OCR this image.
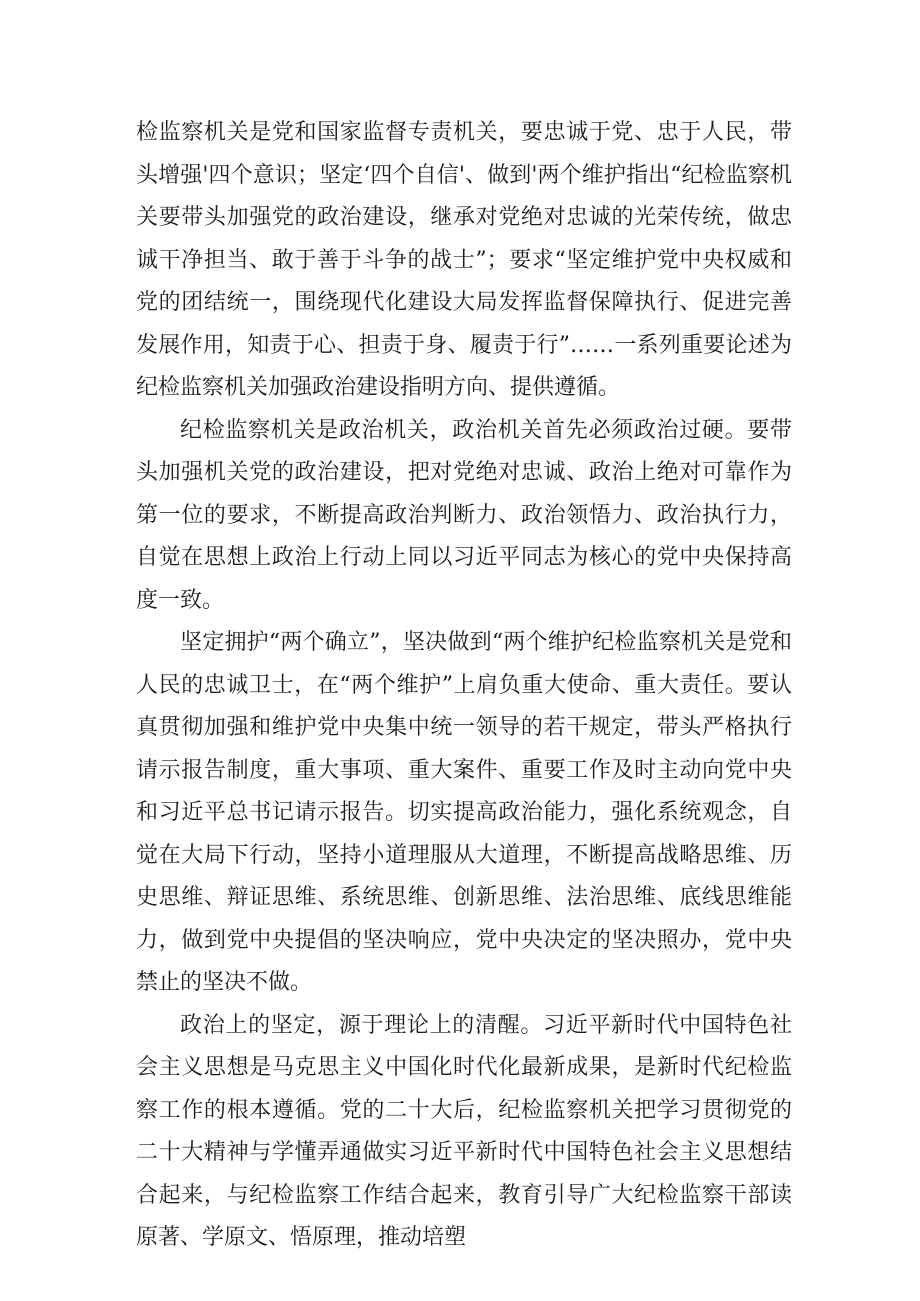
检监察机关是党和国家监督专责机关，要忠诚于党、忠于人民，带头增强'四个意识；坚定‘四个自信'、做到'两个维护指出“纪检监察机关要带头加强党的政治建设，继承对党绝对忠诚的光荣传统，做忠诚干净担当、敢于善于斗争的战士”；要求“坚定维护党中央权威和党的团结统一，围绕现代化建设大局发挥监督保障执行、促进完善发展作用，知责于心、担责于身、履责于行”……一系列重要论述为纪检监察机关加强政治建设指明方向、提供遵循。

纪检监察机关是政治机关，政治机关首先必须政治过硬。要带头加强机关党的政治建设，把对党绝对忠诚、政治上绝对可靠作为第一位的要求，不断提高政治判断力、政治领悟力、政治执行力，自觉在思想上政治上行动上同以习近平同志为核心的党中央保持高度一致。

坚定拥护“两个确立”，坚决做到“两个维护纪检监察机关是党和人民的忠诚卫士，在“两个维护”上肩负重大使命、重大责任。要认真贯彻加强和维护党中央集中统一领导的若干规定，带头严格执行请示报告制度，重大事项、重大案件、重要工作及时主动向党中央和习近平总书记请示报告。切实提高政治能力，强化系统观念，自觉在大局下行动，坚持小道理服从大道理，不断提高战略思维、历史思维、辩证思维、系统思维、创新思维、法治思维、底线思维能力，做到党中央提倡的坚决响应，党中央决定的坚决照办，党中央禁止的坚决不做。

政治上的坚定，源于理论上的清醒。习近平新时代中国特色社会主义思想是马克思主义中国化时代化最新成果，是新时代纪检监察工作的根本遵循。党的二十大后，纪检监察机关把学习贯彻党的二十大精神与学懂弄通做实习近平新时代中国特色社会主义思想结合起来，与纪检监察工作结合起来，教育引导广大纪检监察干部读原著、学原文、悟原理，推动培塑
